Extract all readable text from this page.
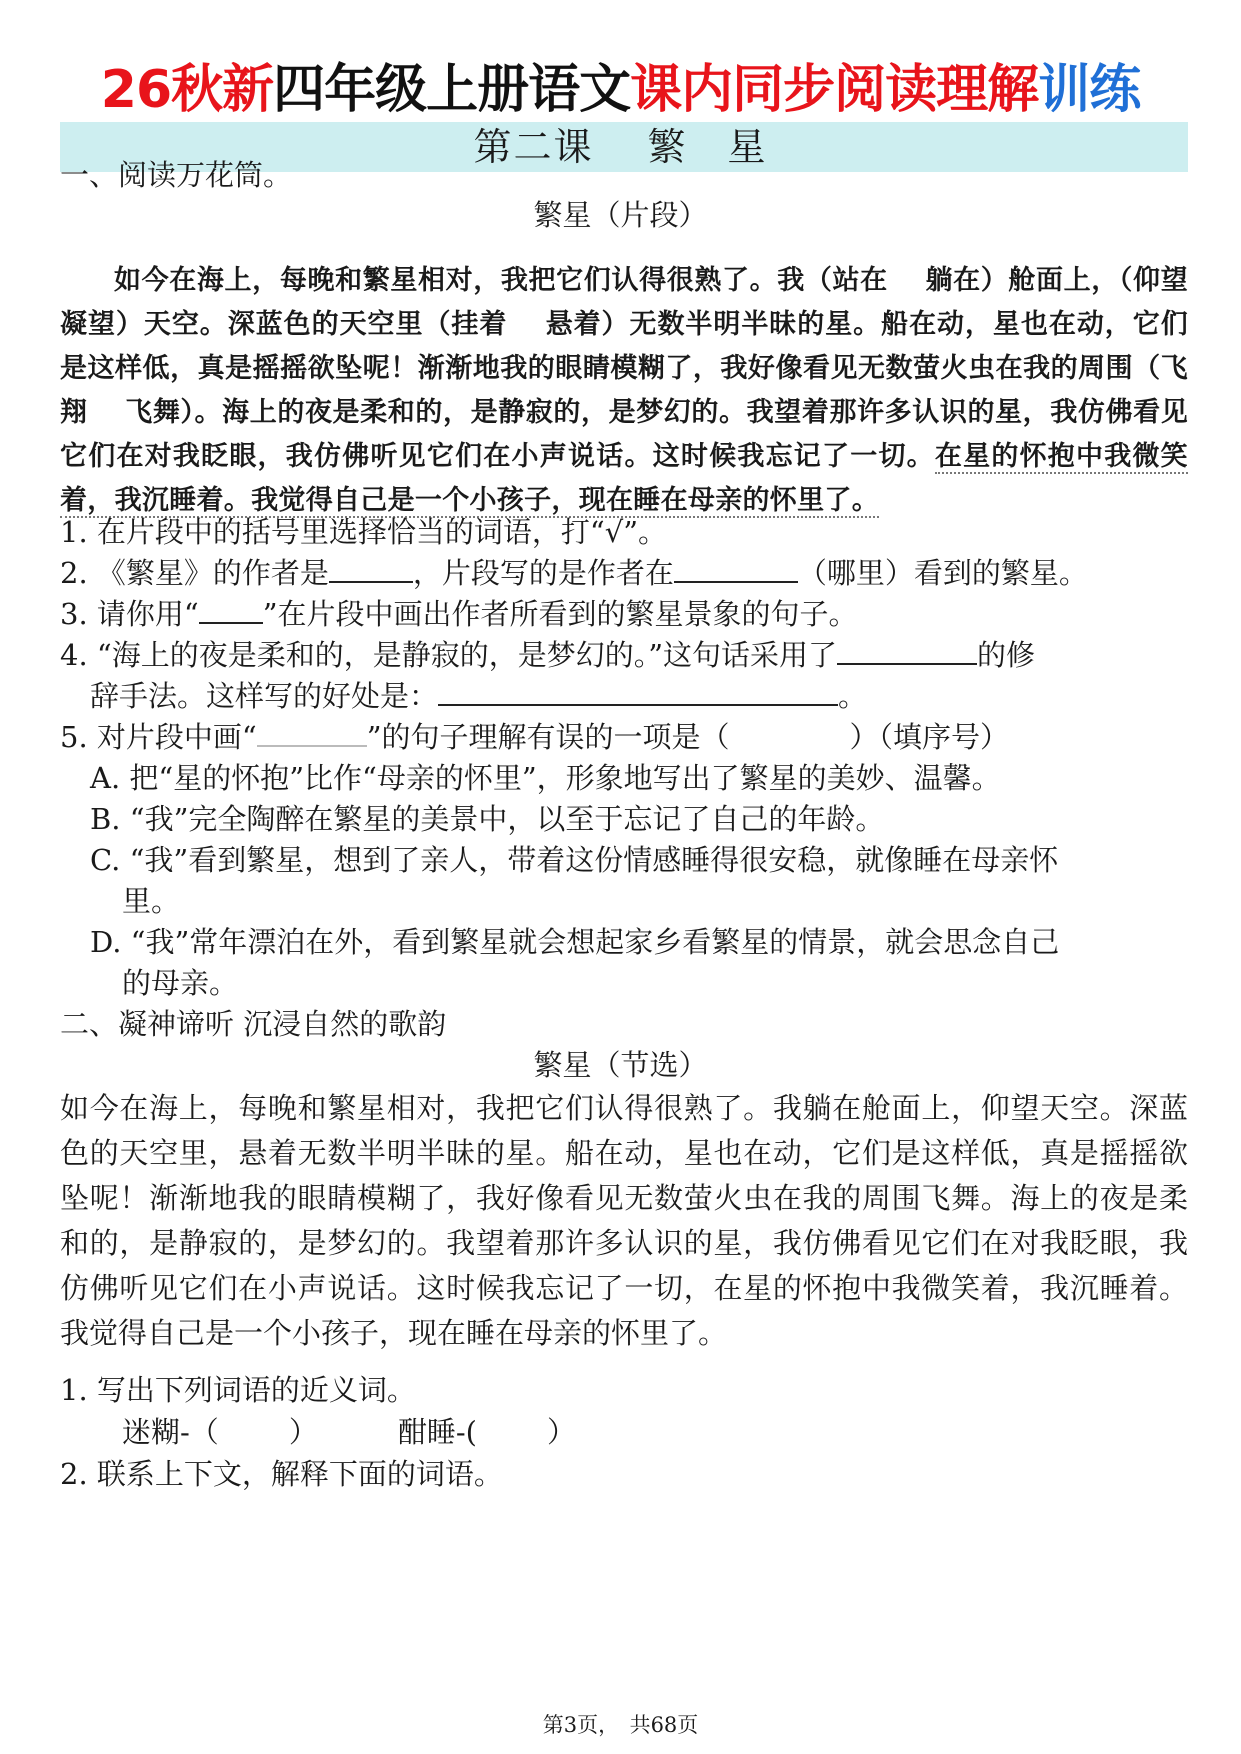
26秋新四年级上册语文课内同步阅读理解训练
第二课　 繁　星
一、阅读万花筒。
繁星（片段）
如今在海上，每晚和繁星相对，我把它们认得很熟了。我（站在　 躺在）舱面上，（仰望　 凝望）天空。深蓝色的天空里（挂着　 悬着）无数半明半昧的星。船在动，星也在动，它们是这样低，真是摇摇欲坠呢！渐渐地我的眼睛模糊了，我好像看见无数萤火虫在我的周围（飞翔　 飞舞）。海上的夜是柔和的，是静寂的，是梦幻的。我望着那许多认识的星，我仿佛看见它们在对我眨眼，我仿佛听见它们在小声说话。这时候我忘记了一切。在星的怀抱中我微笑着，我沉睡着。我觉得自己是一个小孩子，现在睡在母亲的怀里了。
1. 在片段中的括号里选择恰当的词语，打“√”。
2. 《繁星》的作者是	，片段写的是作者在	（哪里）看到的繁星。
3. 请你用“ ”在片段中画出作者所看到的繁星景象的句子。
4. “海上的夜是柔和的，是静寂的，是梦幻的。”这句话采用了	的修
辞手法。这样写的好处是：	。
5. 对片段中画“	”的句子理解有误的一项是（	）（填序号）
A. 把“星的怀抱”比作“母亲的怀里”，形象地写出了繁星的美妙、温馨。
B. “我”完全陶醉在繁星的美景中，以至于忘记了自己的年龄。
C. “我”看到繁星，想到了亲人，带着这份情感睡得很安稳，就像睡在母亲怀
里。
D. “我”常年漂泊在外，看到繁星就会想起家乡看繁星的情景，就会思念自己
的母亲。
二、凝神谛听 沉浸自然的歌韵
繁星（节选）
如今在海上，每晚和繁星相对，我把它们认得很熟了。我躺在舱面上，仰望天空。深蓝色的天空里，悬着无数半明半昧的星。船在动，星也在动，它们是这样低，真是摇摇欲坠呢！渐渐地我的眼睛模糊了，我好像看见无数萤火虫在我的周围飞舞。海上的夜是柔和的，是静寂的，是梦幻的。我望着那许多认识的星，我仿佛看见它们在对我眨眼，我仿佛听见它们在小声说话。这时候我忘记了一切，在星的怀抱中我微笑着，我沉睡着。我觉得自己是一个小孩子，现在睡在母亲的怀里了。
1. 写出下列词语的近义词。
迷糊-（ ）	酣睡-( ）
2. 联系上下文，解释下面的词语。
第3页，　共68页
